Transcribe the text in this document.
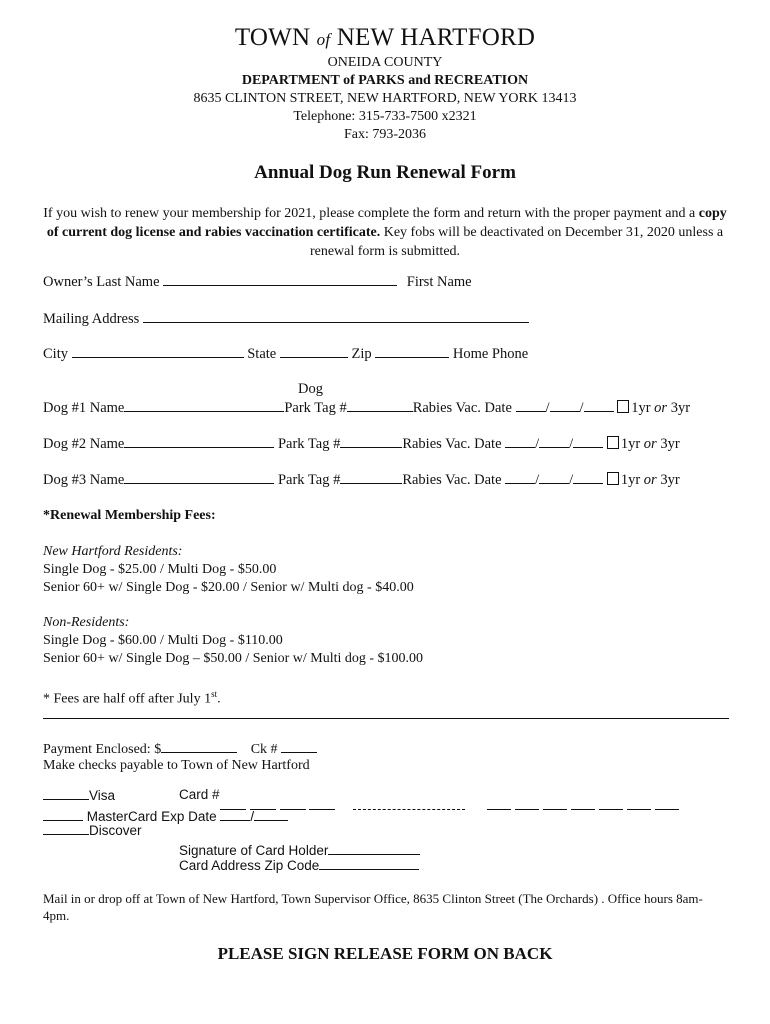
TOWN of NEW HARTFORD
ONEIDA COUNTY
DEPARTMENT of PARKS and RECREATION
8635 CLINTON STREET, NEW HARTFORD, NEW YORK 13413
Telephone: 315-733-7500 x2321
Fax: 793-2036
Annual Dog Run Renewal Form
If you wish to renew your membership for 2021, please complete the form and return with the proper payment and a copy of current dog license and rabies vaccination certificate. Key fobs will be deactivated on December 31, 2020 unless a renewal form is submitted.
Owner’s Last Name	First Name
Mailing Address
City	State	Zip	Home Phone
Dog
Dog #1 Name	Park Tag #	Rabies Vac. Date / /	1yr or 3yr
Dog #2 Name	Park Tag #	Rabies Vac. Date / /	1yr or 3yr
Dog #3 Name	Park Tag #	Rabies Vac. Date / /	1yr or 3yr
*Renewal Membership Fees:
New Hartford Residents:
Single Dog - $25.00 / Multi Dog - $50.00
Senior 60+ w/ Single Dog - $20.00 / Senior w/ Multi dog - $40.00
Non-Residents:
Single Dog - $60.00 / Multi Dog - $110.00
Senior 60+ w/ Single Dog – $50.00 / Senior w/ Multi dog - $100.00
* Fees are half off after July 1st.
Payment Enclosed: $	Ck #
Make checks payable to Town of New Hartford
Visa	Card #

MasterCard Exp Date	/
Discover
Signature of Card Holder
Card Address Zip Code
Mail in or drop off at Town of New Hartford, Town Supervisor Office, 8635 Clinton Street (The Orchards) . Office hours 8am-4pm.
PLEASE SIGN RELEASE FORM ON BACK
